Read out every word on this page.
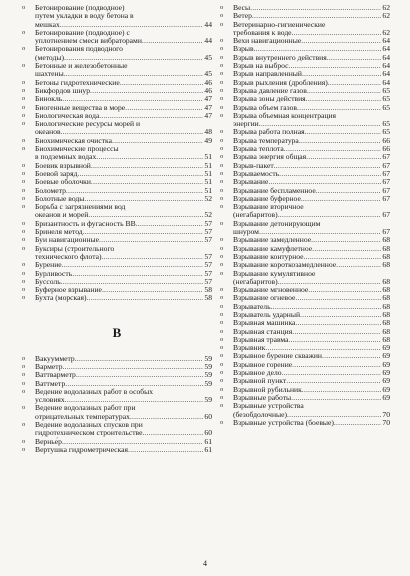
o	Бетонирование (подводное)
путем укладки в воду бетона в
мешках .....	44
o	Бетонирование (подводное) с
уплотнением смеси вибраторами .....	44
o	Бетонирования подводного
(методы) .....	45
o	Бетонные и железобетонные
шахтены .....	45
o	Бетоны гидротехнические .....	46
o	Бикфордов шнур .....	46
o	Бинокль .....	47
o	Биогенные вещества в море .....	47
o	Биологическая вода .....	47
o	Биологические ресурсы морей и
океанов .....	48
o	Биохимическая очистка .....	49
o	Биохимические процессы
в подземных водах .....	51
o	Боевик взрывной .....	51
o	Боевой заряд .....	51
o	Боевые оболочки .....	51
o	Болометр .....	51
o	Болотные воды .....	52
o	Борьба с загрязнениями вод
океанов и морей .....	52
o	Бризантность и фугасность ВВ .....	57
o	Бринеля метод .....	57
o	Буи навигационные .....	57
o	Буксиры (строительного
технического флота) .....	57
o	Бурение .....	57
o	Бурливость .....	57
o	Буссоль .....	57
o	Буферное взрывание .....	58
o	Бухта (морская) .....	58
В
o	Вакуумметр .....	59
o	Варметр .....	59
o	Ваттварметр .....	59
o	Ваттметр .....	59
o	Ведение водолазных работ в особых
условиях .....	59
o	Ведение водолазных работ при
отрицательных температурах .....	60
o	Ведение водолазных спусков при
гидротехническом строительстве .....	60
o	Вернье́р .....	61
o	Вертушка гидрометрическая .....	61
o	Весы .....	62
o	Ветер .....	62
o	Ветеринарно-гигиенические
требования к воде .....	62
o	Вехи навигационные .....	64
o	Взрыв .....	64
o	Взрыв внутреннего действия .....	64
o	Взрыв на выброс .....	64
o	Взрыв направленный .....	64
o	Взрыв рыхления (дробления) .....	64
o	Взрыва давление газов .....	65
o	Взрыва зоны действия .....	65
o	Взрыва объем газов .....	65
o	Взрыва объемная концентрация
энергии .....	65
o	Взрыва работа полная .....	65
o	Взрыва температура .....	66
o	Взрыва теплота .....	66
o	Взрыва энергия общая .....	67
o	Взрыв-пакет .....	67
o	Взрываемость .....	67
o	Взрывание .....	67
o	Взрывание беспламенное .....	67
o	Взрывание буферное .....	67
o	Взрывание вторичное
(негабаритов) .....	67
o	Взрывание детонирующим
шнуром .....	67
o	Взрывание замедленное .....	68
o	Взрывание камуфлетное .....	68
o	Взрывание контурное .....	68
o	Взрывание короткозамедленное .....	68
o	Взрывание кумулятивное
(негабаритов) .....	68
o	Взрывание мгновенное .....	68
o	Взрывание огневое .....	68
o	Взрыватель .....	68
o	Взрыватель ударный .....	68
o	Взрывная машинка .....	68
o	Взрывная станция .....	68
o	Взрывная травма .....	68
o	Взрывник .....	69
o	Взрывное бурение скважин .....	69
o	Взрывное горение .....	69
o	Взрывное дело .....	69
o	Взрывной пункт .....	69
o	Взрывной рубильник .....	69
o	Взрывные работы .....	69
o	Взрывные устройства
(безобдолочные) .....	70
o	Взрывные устройства (боевые) .....	70
4
